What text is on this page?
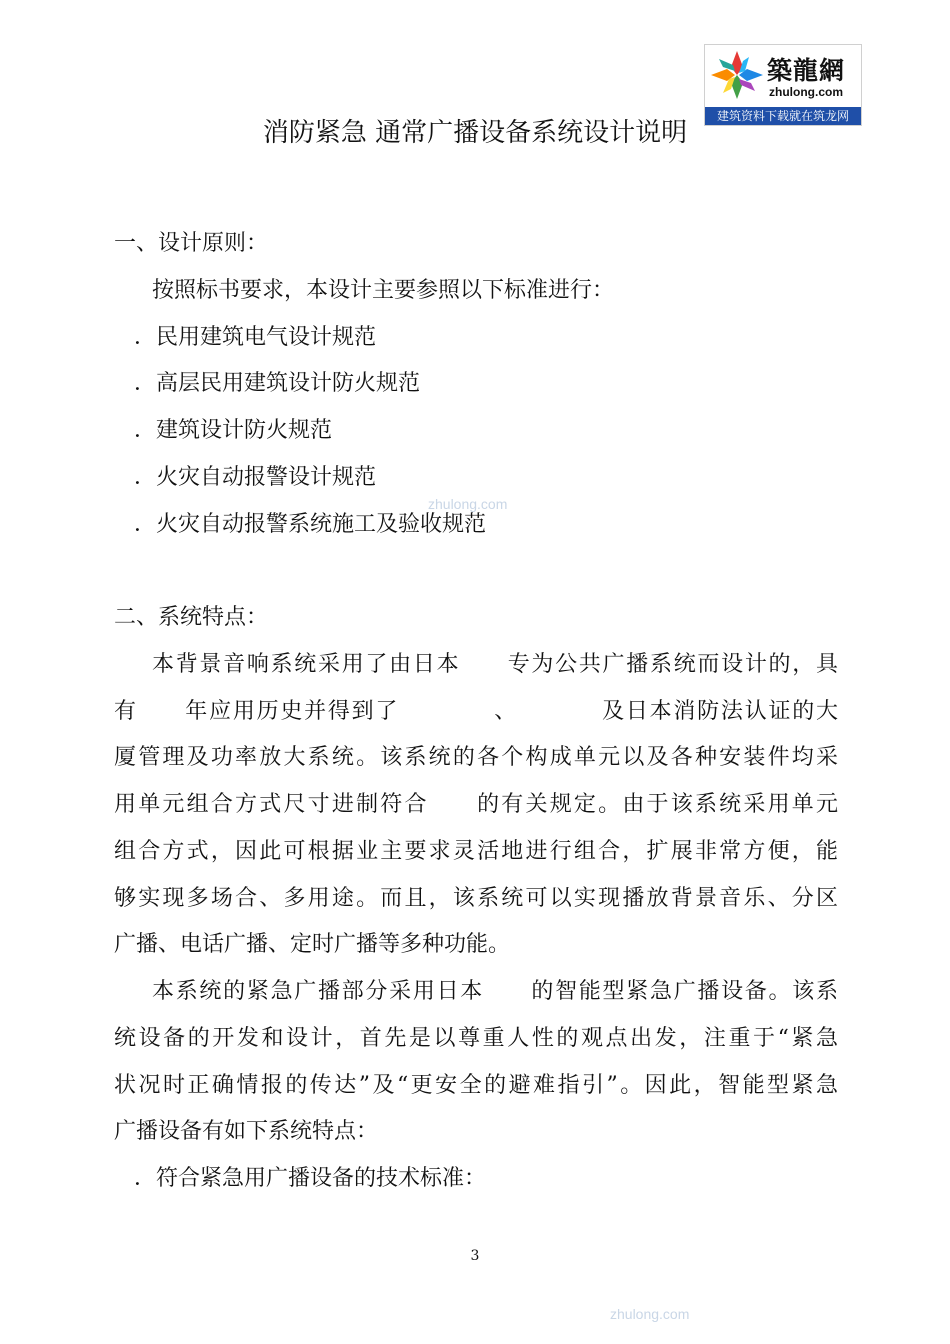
築龍網
zhulong.com
建筑资料下载就在筑龙网
消防紧急 通常广播设备系统设计说明
一、设计原则：
按照标书要求，本设计主要参照以下标准进行：
．民用建筑电气设计规范
．高层民用建筑设计防火规范
．建筑设计防火规范
．火灾自动报警设计规范
．火灾自动报警系统施工及验收规范
二、系统特点：
本背景音响系统采用了由日本　　专为公共广播系统而设计的，具
有　　年应用历史并得到了　　　　、　　　　及日本消防法认证的大
厦管理及功率放大系统。该系统的各个构成单元以及各种安装件均采
用单元组合方式尺寸进制符合　　的有关规定。由于该系统采用单元
组合方式，因此可根据业主要求灵活地进行组合，扩展非常方便，能
够实现多场合、多用途。而且，该系统可以实现播放背景音乐、分区
广播、电话广播、定时广播等多种功能。
本系统的紧急广播部分采用日本　　的智能型紧急广播设备。该系
统设备的开发和设计，首先是以尊重人性的观点出发，注重于“紧急
状况时正确情报的传达”及“更安全的避难指引”。因此，智能型紧急
广播设备有如下系统特点：
．符合紧急用广播设备的技术标准：
3
zhulong.com
zhulong.com
